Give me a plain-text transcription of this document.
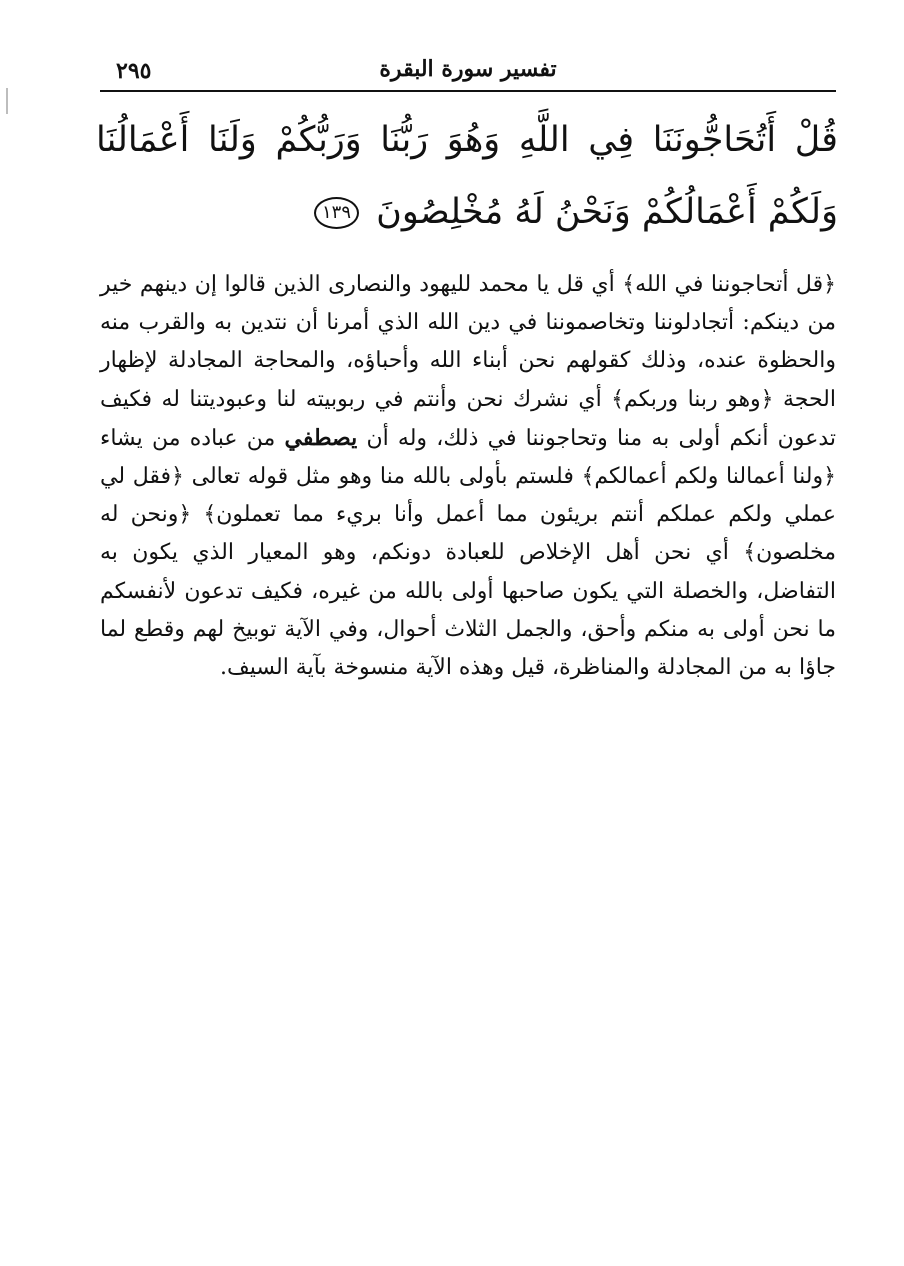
٢٩٥	تفسير سورة البقرة
قُلْ أَتُحَاجُّونَنَا فِي اللَّهِ وَهُوَ رَبُّنَا وَرَبُّكُمْ وَلَنَا أَعْمَالُنَا وَلَكُمْ أَعْمَالُكُمْ وَنَحْنُ لَهُ مُخْلِصُونَ ١٣٩
﴿قل أتحاجوننا في الله﴾ أي قل يا محمد لليهود والنصارى الذين قالوا إن دينهم خير من دينكم: أتجادلوننا وتخاصموننا في دين الله الذي أمرنا أن نتدين به والقرب منه والحظوة عنده، وذلك كقولهم نحن أبناء الله وأحباؤه، والمحاجة المجادلة لإظهار الحجة ﴿وهو ربنا وربكم﴾ أي نشرك نحن وأنتم في ربوبيته لنا وعبوديتنا له فكيف تدعون أنكم أولى به منا وتحاجوننا في ذلك، وله أن يصطفي من عباده من يشاء ﴿ولنا أعمالنا ولكم أعمالكم﴾ فلستم بأولى بالله منا وهو مثل قوله تعالى ﴿فقل لي عملي ولكم عملكم أنتم بريئون مما أعمل وأنا بريء مما تعملون﴾ ﴿ونحن له مخلصون﴾ أي نحن أهل الإخلاص للعبادة دونكم، وهو المعيار الذي يكون به التفاضل، والخصلة التي يكون صاحبها أولى بالله من غيره، فكيف تدعون لأنفسكم ما نحن أولى به منكم وأحق، والجمل الثلاث أحوال، وفي الآية توبيخ لهم وقطع لما جاؤا به من المجادلة والمناظرة، قيل وهذه الآية منسوخة بآية السيف.
